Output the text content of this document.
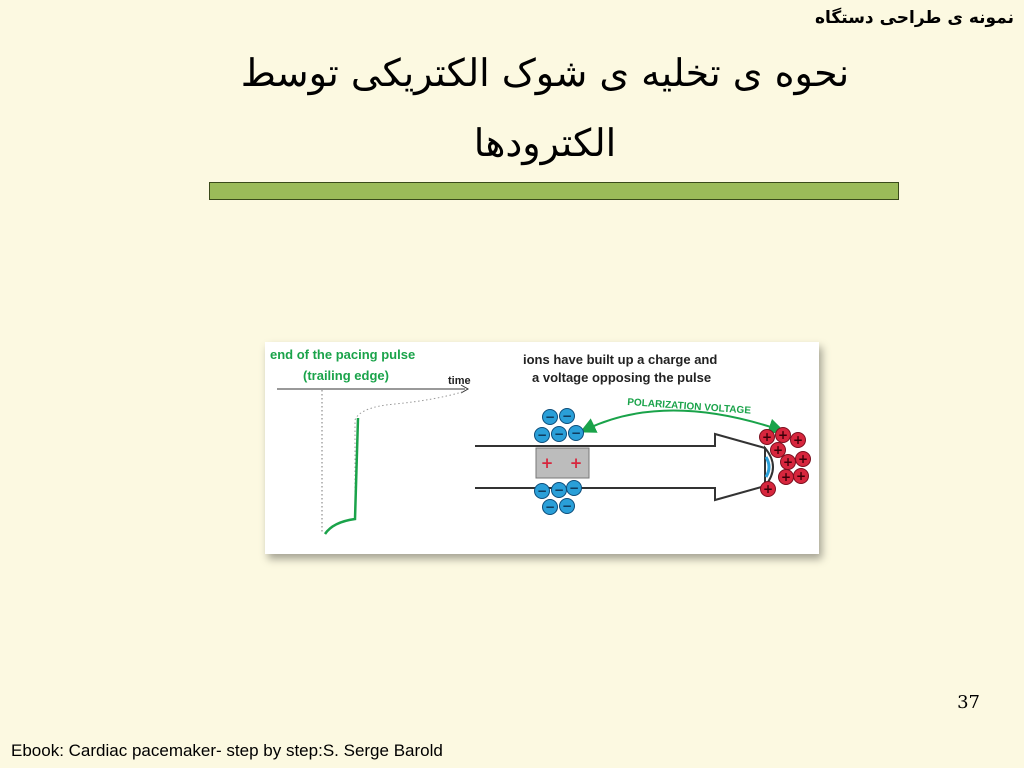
نمونه ی طراحی دستگاه
نحوه ی تخلیه ی شوک الکتریکی توسط
الکترودها
end of the pacing pulse
(trailing edge)	time
ions have built up a charge and
a voltage opposing the pulse
POLARIZATION VOLTAGE
+ +
− −
− − −
− − −
− −
+ + +
+
+ +
+ +
+
37
Ebook: Cardiac pacemaker- step by step:S. Serge Barold
